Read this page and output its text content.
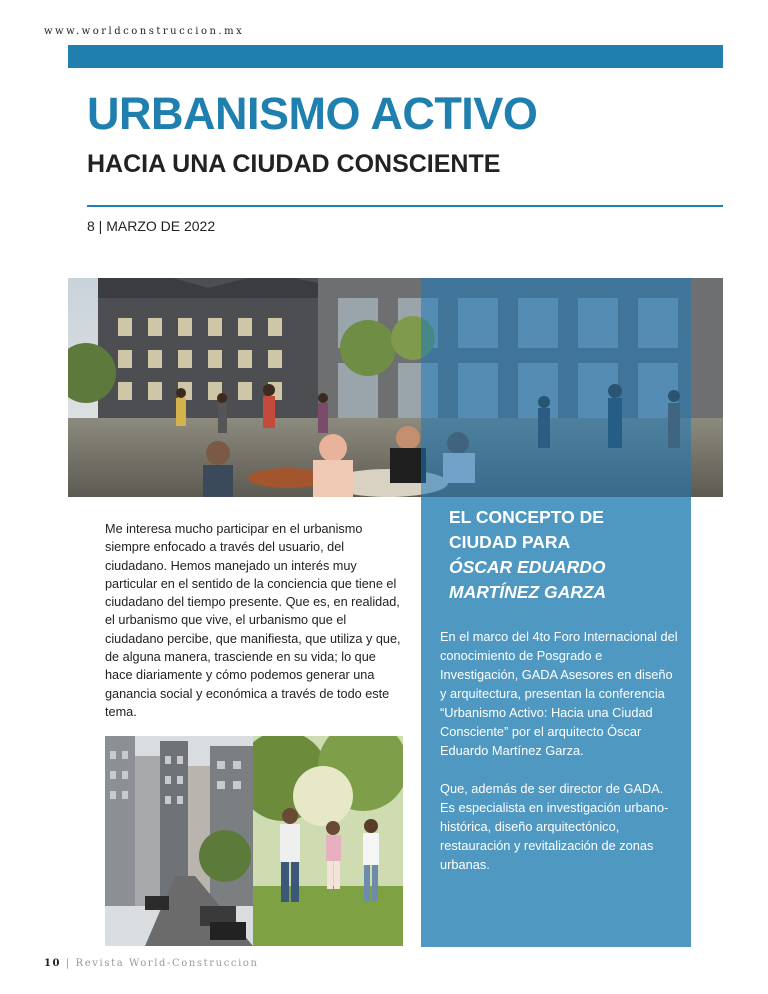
www.worldconstruccion.mx
URBANISMO ACTIVO
HACIA UNA CIUDAD CONSCIENTE
8 | MARZO DE 2022
EL CONCEPTO DE
CIUDAD PARA
ÓSCAR EDUARDO
MARTÍNEZ GARZA

En el marco del 4to Foro Internacional del conocimiento de Posgrado e Investigación, GADA Asesores en diseño y arquitectura, presentan la conferencia “Urbanismo Activo: Hacia una Ciudad Consciente” por el arquitecto Óscar Eduardo Martínez Garza.

Que, además de ser director de GADA. Es especialista en investigación urbano-histórica, diseño arquitectónico, restauración y revitalización de zonas urbanas.

Me interesa mucho participar en el urbanismo siempre enfocado a través del usuario, del ciudadano. Hemos manejado un interés muy particular en el sentido de la conciencia que tiene el ciudadano del tiempo presente. Que es, en realidad, el urbanismo que vive, el urbanismo que el ciudadano percibe, que manifiesta, que utiliza y que, de alguna manera, trasciende en su vida; lo que hace diariamente y cómo podemos generar una ganancia social y económica a través de todo este tema.

10 | Revista World-Construccion
